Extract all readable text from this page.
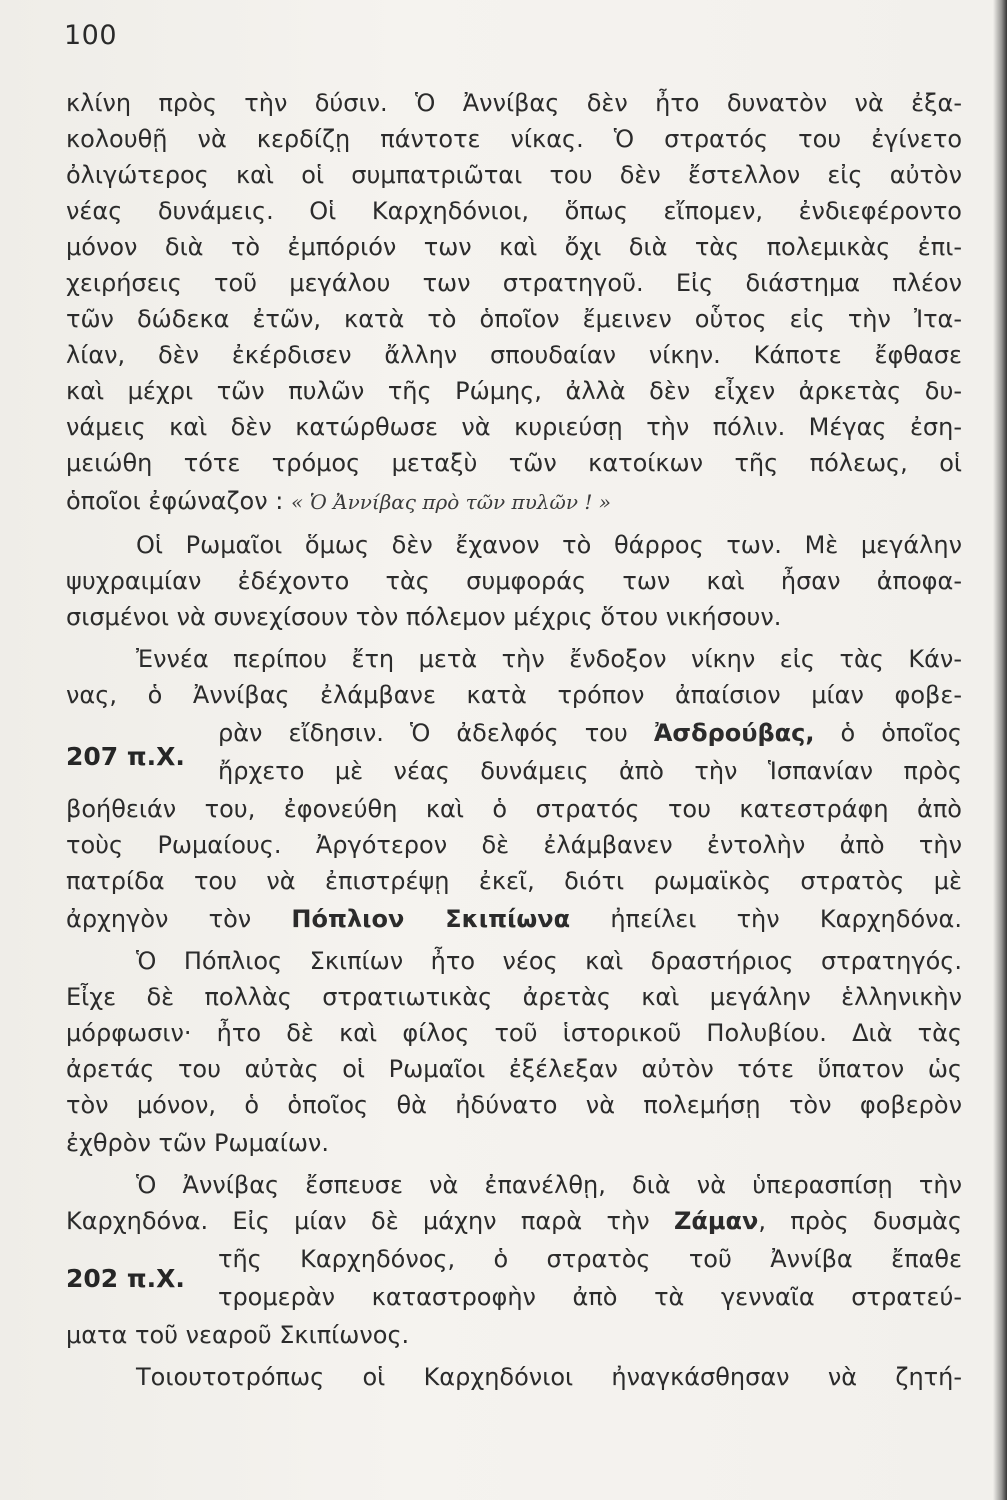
100
κλίνη πρὸς τὴν δύσιν. Ὁ Ἀννίβας δὲν ἦτο δυνατὸν νὰ ἐξα-
κολουθῇ νὰ κερδίζῃ πάντοτε νίκας. Ὁ στρατός του ἐγίνετο
ὀλιγώτερος καὶ οἱ συμπατριῶται του δὲν ἔστελλον εἰς αὐτὸν
νέας δυνάμεις. Οἱ Καρχηδόνιοι, ὅπως εἴπομεν, ἐνδιεφέροντο
μόνον διὰ τὸ ἐμπόριόν των καὶ ὄχι διὰ τὰς πολεμικὰς ἐπι-
χειρήσεις τοῦ μεγάλου των στρατηγοῦ. Εἰς διάστημα πλέον
τῶν δώδεκα ἐτῶν, κατὰ τὸ ὁποῖον ἔμεινεν οὗτος εἰς τὴν Ἰτα-
λίαν, δὲν ἐκέρδισεν ἄλλην σπουδαίαν νίκην. Κάποτε ἔφθασε
καὶ μέχρι τῶν πυλῶν τῆς Ρώμης, ἀλλὰ δὲν εἶχεν ἀρκετὰς δυ-
νάμεις καὶ δὲν κατώρθωσε νὰ κυριεύσῃ τὴν πόλιν. Μέγας ἐση-
μειώθη τότε τρόμος μεταξὺ τῶν κατοίκων τῆς πόλεως, οἱ
ὁποῖοι ἐφώναζον : « Ὁ Ἀννίβας πρὸ τῶν πυλῶν ! »
Οἱ Ρωμαῖοι ὅμως δὲν ἔχανον τὸ θάρρος των. Μὲ μεγάλην
ψυχραιμίαν ἐδέχοντο τὰς συμφοράς των καὶ ἦσαν ἀποφα-
σισμένοι νὰ συνεχίσουν τὸν πόλεμον μέχρις ὅτου νικήσουν.
Ἐννέα περίπου ἔτη μετὰ τὴν ἔνδοξον νίκην εἰς τὰς Κάν-
νας, ὁ Ἀννίβας ἐλάμβανε κατὰ τρόπον ἀπαίσιον μίαν φοβε-
ρὰν εἴδησιν. Ὁ ἀδελφός του Ἀσδρούβας, ὁ ὁποῖος
207 π.Χ. ἤρχετο μὲ νέας δυνάμεις ἀπὸ τὴν Ἱσπανίαν πρὸς
βοήθειάν του, ἐφονεύθη καὶ ὁ στρατός του κατεστράφη ἀπὸ
τοὺς Ρωμαίους. Ἀργότερον δὲ ἐλάμβανεν ἐντολὴν ἀπὸ τὴν
πατρίδα του νὰ ἐπιστρέψῃ ἐκεῖ, διότι ρωμαϊκὸς στρατὸς μὲ
ἀρχηγὸν τὸν Πόπλιον Σκιπίωνα ἠπείλει τὴν Καρχηδόνα.
Ὁ Πόπλιος Σκιπίων ἦτο νέος καὶ δραστήριος στρατηγός.
Εἶχε δὲ πολλὰς στρατιωτικὰς ἀρετὰς καὶ μεγάλην ἑλληνικὴν
μόρφωσιν· ἦτο δὲ καὶ φίλος τοῦ ἱστορικοῦ Πολυβίου. Διὰ τὰς
ἀρετάς του αὐτὰς οἱ Ρωμαῖοι ἐξέλεξαν αὐτὸν τότε ὕπατον ὡς
τὸν μόνον, ὁ ὁποῖος θὰ ἠδύνατο νὰ πολεμήσῃ τὸν φοβερὸν
ἐχθρὸν τῶν Ρωμαίων.
Ὁ Ἀννίβας ἔσπευσε νὰ ἐπανέλθῃ, διὰ νὰ ὑπερασπίσῃ τὴν
Καρχηδόνα. Εἰς μίαν δὲ μάχην παρὰ τὴν Ζάμαν, πρὸς δυσμὰς
τῆς Καρχηδόνος, ὁ στρατὸς τοῦ Ἀννίβα ἔπαθε
202 π.Χ.
τρομερὰν καταστροφὴν ἀπὸ τὰ γενναῖα στρατεύ-
ματα τοῦ νεαροῦ Σκιπίωνος.
Τοιουτοτρόπως οἱ Καρχηδόνιοι ἠναγκάσθησαν νὰ ζητή-
